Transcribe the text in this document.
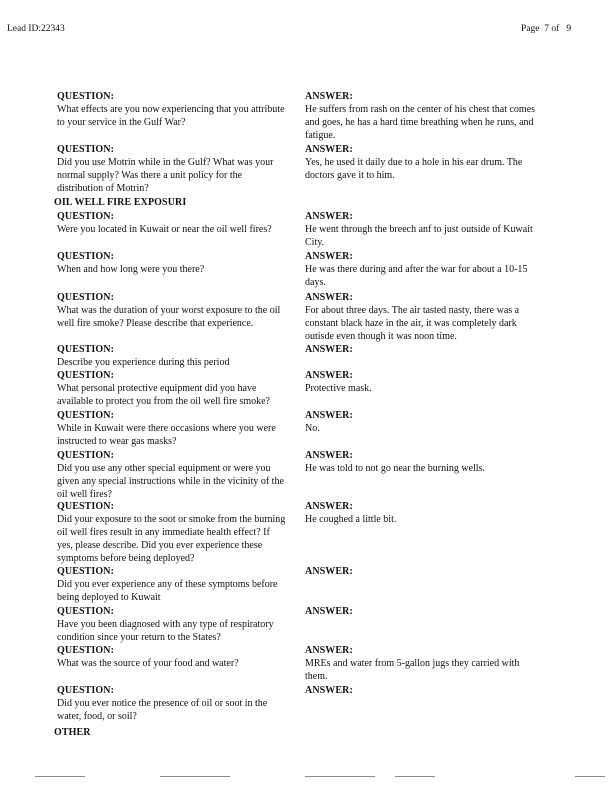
Lead ID:22343	Page  7 of   9
OIL WELL FIRE EXPOSURI
OTHER
QUESTION:
What effects are you now experiencing that you attribute
to your service in the Gulf War?
ANSWER:
He suffers from rash on the center of his chest that comes
and goes, he has a hard time breathing when he runs, and
fatigue.
QUESTION:
Did you use Motrin while in the Gulf? What was your
normal supply? Was there a unit policy for the
distribution of Motrin?
ANSWER:
Yes, he used it daily due to a hole in his ear drum. The
doctors gave it to him.
QUESTION:
Were you located in Kuwait or near the oil well fires?
ANSWER:
He went through the breech anf to just outside of Kuwait
City.
QUESTION:
When and how long were you there?
ANSWER:
He was there during and after the war for about a 10-15
days.
QUESTION:
What was the duration of your worst exposure to the oil
well fire smoke? Please describe that experience.
ANSWER:
For about three days. The air tasted nasty, there was a
constant black haze in the air, it was completely dark
outisde even though it was noon time.
QUESTION:
Describe you experience during this period
ANSWER:
QUESTION:
What personal protective equipment did you have
available to protect you from the oil well fire smoke?
ANSWER:
Protective mask.
QUESTION:
While in Kuwait were there occasions where you were
instructed to wear gas masks?
ANSWER:
No.
QUESTION:
Did you use any other special equipment or were you
given any special instructions while in the vicinity of the
oil well fires?
ANSWER:
He was told to not go near the burning wells.
QUESTION:
Did your exposure to the soot or smoke from the burning
oil well fires result in any immediate health effect? If
yes, please describe. Did you ever experience these
symptoms before being deployed?
ANSWER:
He coughed a little bit.
QUESTION:
Did you ever experience any of these symptoms before
being deployed to Kuwait
ANSWER:
QUESTION:
Have you been diagnosed with any type of respiratory
condition since your return to the States?
ANSWER:
QUESTION:
What was the source of your food and water?
ANSWER:
MREs and water from 5-gallon jugs they carried with
them.
QUESTION:
Did you ever notice the presence of oil or soot in the
water, food, or soil?
ANSWER:
